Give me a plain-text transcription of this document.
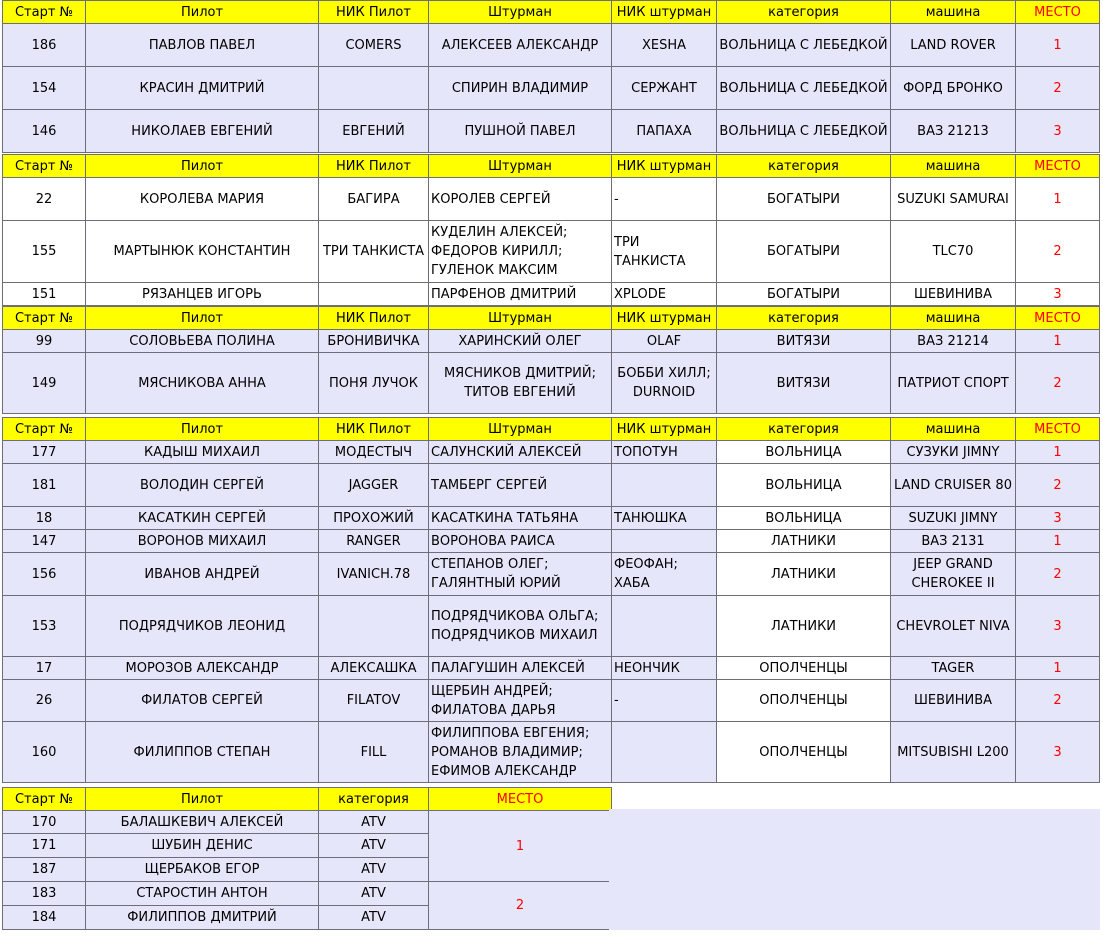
Старт №	Пилот	НИК Пилот	Штурман	НИК штурман	категория	машина	МЕСТО
186	ПАВЛОВ ПАВЕЛ	COMERS	АЛЕКСЕЕВ АЛЕКСАНДР	XESHA	ВОЛЬНИЦА С ЛЕБЕДКОЙ	LAND ROVER	1
154	КРАСИН ДМИТРИЙ		СПИРИН ВЛАДИМИР	СЕРЖАНТ	ВОЛЬНИЦА С ЛЕБЕДКОЙ	ФОРД БРОНКО	2
146	НИКОЛАЕВ ЕВГЕНИЙ	ЕВГЕНИЙ	ПУШНОЙ ПАВЕЛ	ПАПАХА	ВОЛЬНИЦА С ЛЕБЕДКОЙ	ВАЗ 21213	3
Старт №	Пилот	НИК Пилот	Штурман	НИК штурман	категория	машина	МЕСТО
22	КОРОЛЕВА МАРИЯ	БАГИРА	КОРОЛЕВ СЕРГЕЙ	-	БОГАТЫРИ	SUZUKI SAMURAI	1
155	МАРТЫНЮК КОНСТАНТИН	ТРИ ТАНКИСТА	КУДЕЛИН АЛЕКСЕЙ; ФЕДОРОВ КИРИЛЛ; ГУЛЕНОК МАКСИМ	ТРИ ТАНКИСТА	БОГАТЫРИ	TLC70	2
151	РЯЗАНЦЕВ ИГОРЬ		ПАРФЕНОВ ДМИТРИЙ	XPLODE	БОГАТЫРИ	ШЕВИНИВА	3
Старт №	Пилот	НИК Пилот	Штурман	НИК штурман	категория	машина	МЕСТО
99	СОЛОВЬЕВА ПОЛИНА	БРОНИВИЧКА	ХАРИНСКИЙ ОЛЕГ	OLAF	ВИТЯЗИ	ВАЗ 21214	1
149	МЯСНИКОВА АННА	ПОНЯ ЛУЧОК	МЯСНИКОВ ДМИТРИЙ; ТИТОВ ЕВГЕНИЙ	БОББИ ХИЛЛ; DURNOID	ВИТЯЗИ	ПАТРИОТ СПОРТ	2
Старт №	Пилот	НИК Пилот	Штурман	НИК штурман	категория	машина	МЕСТО
177	КАДЫШ МИХАИЛ	МОДЕСТЫЧ	САЛУНСКИЙ АЛЕКСЕЙ	ТОПОТУН	ВОЛЬНИЦА	СУЗУКИ JIMNY	1
181	ВОЛОДИН СЕРГЕЙ	JAGGER	ТАМБЕРГ СЕРГЕЙ		ВОЛЬНИЦА	LAND CRUISER 80	2
18	КАСАТКИН СЕРГЕЙ	ПРОХОЖИЙ	КАСАТКИНА ТАТЬЯНА	ТАНЮШКА	ВОЛЬНИЦА	SUZUKI JIMNY	3
147	ВОРОНОВ МИХАИЛ	RANGER	ВОРОНОВА РАИСА		ЛАТНИКИ	ВАЗ 2131	1
156	ИВАНОВ АНДРЕЙ	IVANICH.78	СТЕПАНОВ ОЛЕГ; ГАЛЯНТНЫЙ ЮРИЙ	ФЕОФАН; ХАБА	ЛАТНИКИ	JEEP GRAND CHEROKEE II	2
153	ПОДРЯДЧИКОВ ЛЕОНИД		ПОДРЯДЧИКОВА ОЛЬГА; ПОДРЯДЧИКОВ МИХАИЛ		ЛАТНИКИ	CHEVROLET NIVA	3
17	МОРОЗОВ АЛЕКСАНДР	АЛЕКСАШКА	ПАЛАГУШИН АЛЕКСЕЙ	НЕОНЧИК	ОПОЛЧЕНЦЫ	TAGER	1
26	ФИЛАТОВ СЕРГЕЙ	FILATOV	ЩЕРБИН АНДРЕЙ; ФИЛАТОВА ДАРЬЯ	-	ОПОЛЧЕНЦЫ	ШЕВИНИВА	2
160	ФИЛИППОВ СТЕПАН	FILL	ФИЛИППОВА ЕВГЕНИЯ; РОМАНОВ ВЛАДИМИР; ЕФИМОВ АЛЕКСАНДР		ОПОЛЧЕНЦЫ	MITSUBISHI L200	3
Старт №	Пилот	категория	МЕСТО
170	БАЛАШКЕВИЧ АЛЕКСЕЙ	ATV	1
171	ШУБИН ДЕНИС	ATV	
187	ЩЕРБАКОВ ЕГОР	ATV	
183	СТАРОСТИН АНТОН	ATV	2
184	ФИЛИППОВ ДМИТРИЙ	ATV	
